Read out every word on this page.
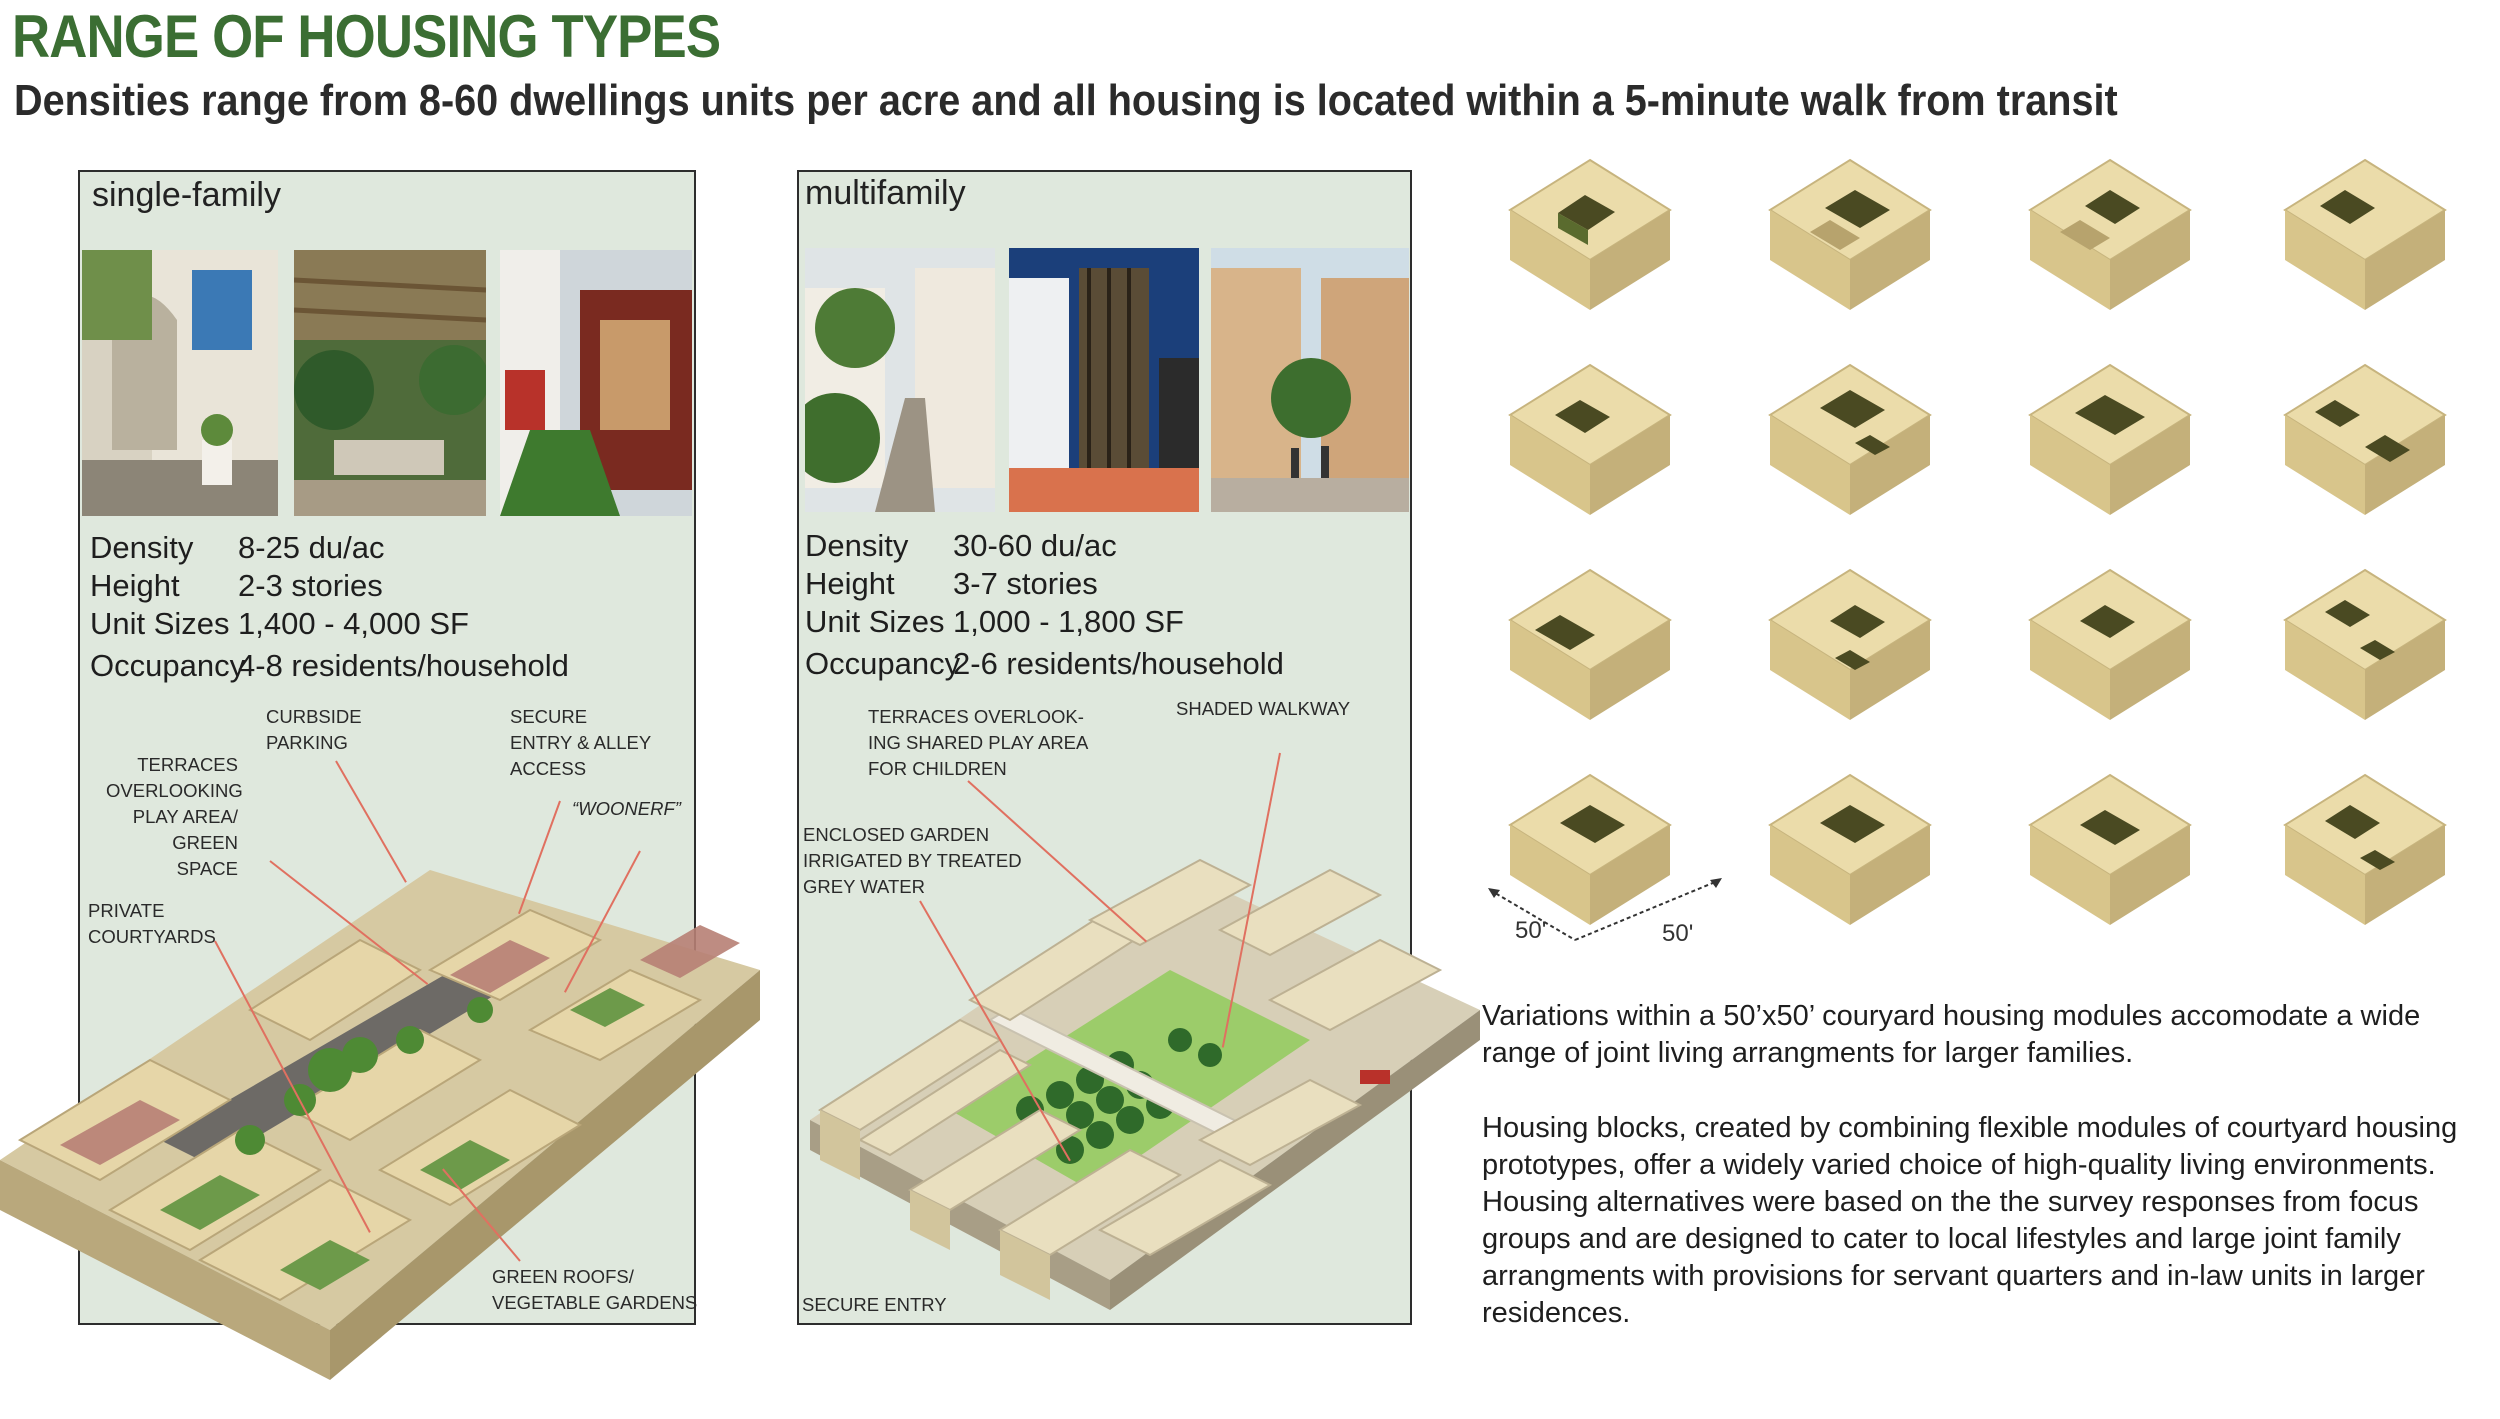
RANGE OF HOUSING TYPES
Densities range from 8-60 dwellings units per acre and all housing is located within a 5-minute walk from transit
single-family
Density 8-25 du/ac
Height 2-3 stories
Unit Sizes 1,400 - 4,000 SF
Occupancy
4-8 residents/household
CURBSIDE
PARKING
SECURE
ENTRY & ALLEY
ACCESS
TERRACES
OVERLOOKING
PLAY AREA/
GREEN SPACE
“WOONERF”
PRIVATE
COURTYARDS
GREEN ROOFS/
VEGETABLE GARDENS
multifamily
Density 30-60 du/ac
Height 3-7 stories
Unit Sizes 1,000 - 1,800 SF
Occupancy
2-6 residents/household
TERRACES OVERLOOK-
ING SHARED PLAY AREA
FOR CHILDREN
SHADED WALKWAY
ENCLOSED GARDEN
IRRIGATED BY TREATED
GREY WATER
SECURE ENTRY
50'	50'
Variations within a 50’x50’ couryard housing modules accomodate a wide range of joint living arrangments for larger families.
Housing blocks, created by combining flexible modules of courtyard housing prototypes, offer a widely varied choice of high-quality living environments. Housing alternatives were based on the the survey responses from focus groups and are designed to cater to local lifestyles and large joint family arrangments with provisions for servant quarters and in-law units in larger residences.
